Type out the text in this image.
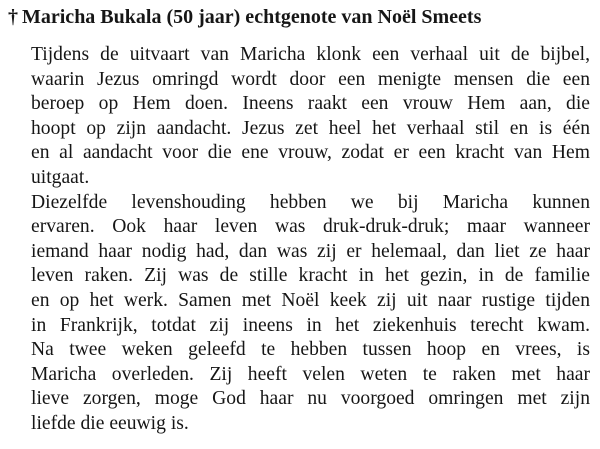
† Maricha Bukala (50 jaar) echtgenote van Noël Smeets
Tijdens de uitvaart van Maricha klonk een verhaal uit de bijbel,
waarin Jezus omringd wordt door een menigte mensen die een
beroep op Hem doen. Ineens raakt een vrouw Hem aan, die
hoopt op zijn aandacht. Jezus zet heel het verhaal stil en is één
en al aandacht voor die ene vrouw, zodat er een kracht van Hem
uitgaat.
Diezelfde levenshouding hebben we bij Maricha kunnen
ervaren. Ook haar leven was druk-druk-druk; maar wanneer
iemand haar nodig had, dan was zij er helemaal, dan liet ze haar
leven raken. Zij was de stille kracht in het gezin, in de familie
en op het werk. Samen met Noël keek zij uit naar rustige tijden
in Frankrijk, totdat zij ineens in het ziekenhuis terecht kwam.
Na twee weken geleefd te hebben tussen hoop en vrees, is
Maricha overleden. Zij heeft velen weten te raken met haar
lieve zorgen, moge God haar nu voorgoed omringen met zijn
liefde die eeuwig is.
